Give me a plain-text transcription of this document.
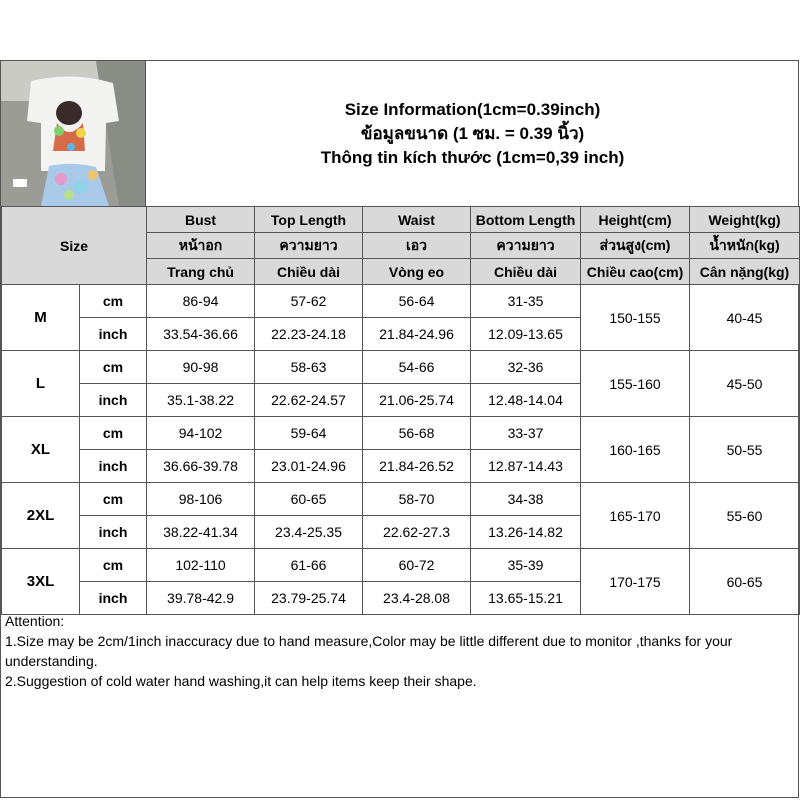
Size Information(1cm=0.39inch)
ข้อมูลขนาด (1 ซม. = 0.39 นิ้ว)
Thông tin kích thước (1cm=0,39 inch)
Size		Bust	Top Length	Waist	Bottom Length	Height(cm)	Weight(kg)
		หน้าอก	ความยาว	เอว	ความยาว	ส่วนสูง(cm)	น้ำหนัก(kg)
		Trang chủ	Chiều dài	Vòng eo	Chiều dài	Chiều cao(cm)	Cân nặng(kg)
M	cm	86-94	57-62	56-64	31-35	150-155	40-45
	inch	33.54-36.66	22.23-24.18	21.84-24.96	12.09-13.65		
L	cm	90-98	58-63	54-66	32-36	155-160	45-50
	inch	35.1-38.22	22.62-24.57	21.06-25.74	12.48-14.04		
XL	cm	94-102	59-64	56-68	33-37	160-165	50-55
	inch	36.66-39.78	23.01-24.96	21.84-26.52	12.87-14.43		
2XL	cm	98-106	60-65	58-70	34-38	165-170	55-60
	inch	38.22-41.34	23.4-25.35	22.62-27.3	13.26-14.82		
3XL	cm	102-110	61-66	60-72	35-39	170-175	60-65
	inch	39.78-42.9	23.79-25.74	23.4-28.08	13.65-15.21		
Attention:
1.Size may be 2cm/1inch inaccuracy due to hand measure,Color may be little different due to monitor ,thanks for your understanding.
2.Suggestion of cold water hand washing,it can help items keep their shape.
